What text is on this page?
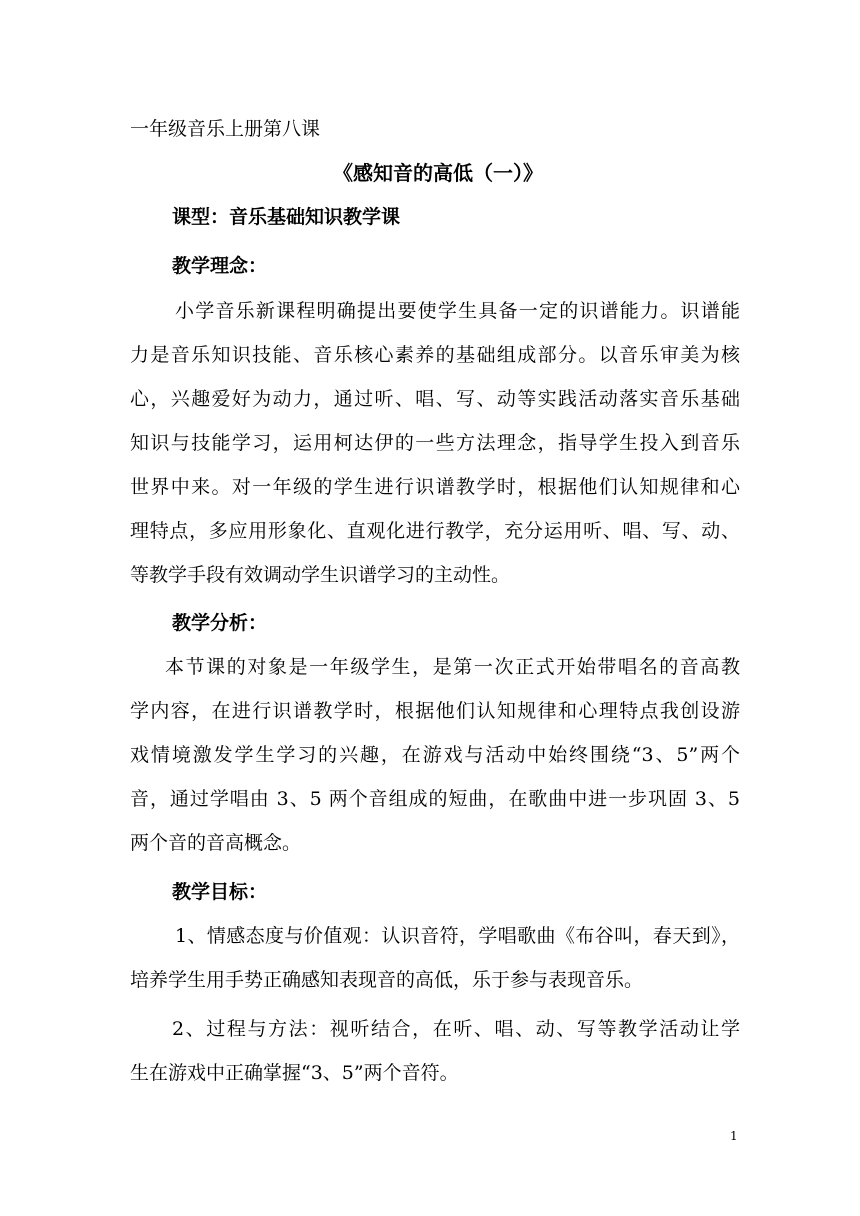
一年级音乐上册第八课
《感知音的高低（一）》
课型：音乐基础知识教学课
教学理念：
小学音乐新课程明确提出要使学生具备一定的识谱能力。识谱能
力是音乐知识技能、音乐核心素养的基础组成部分。以音乐审美为核
心，兴趣爱好为动力，通过听、唱、写、动等实践活动落实音乐基础
知识与技能学习，运用柯达伊的一些方法理念，指导学生投入到音乐
世界中来。对一年级的学生进行识谱教学时，根据他们认知规律和心
理特点，多应用形象化、直观化进行教学，充分运用听、唱、写、动、
等教学手段有效调动学生识谱学习的主动性。
教学分析：
本节课的对象是一年级学生，是第一次正式开始带唱名的音高教
学内容，在进行识谱教学时，根据他们认知规律和心理特点我创设游
戏情境激发学生学习的兴趣，在游戏与活动中始终围绕“3、5”两个
音，通过学唱由 3、5 两个音组成的短曲，在歌曲中进一步巩固 3、5
两个音的音高概念。
教学目标：
1、情感态度与价值观：认识音符，学唱歌曲《布谷叫，春天到》，
培养学生用手势正确感知表现音的高低，乐于参与表现音乐。
2、过程与方法：视听结合，在听、唱、动、写等教学活动让学
生在游戏中正确掌握“3、5”两个音符。
1
